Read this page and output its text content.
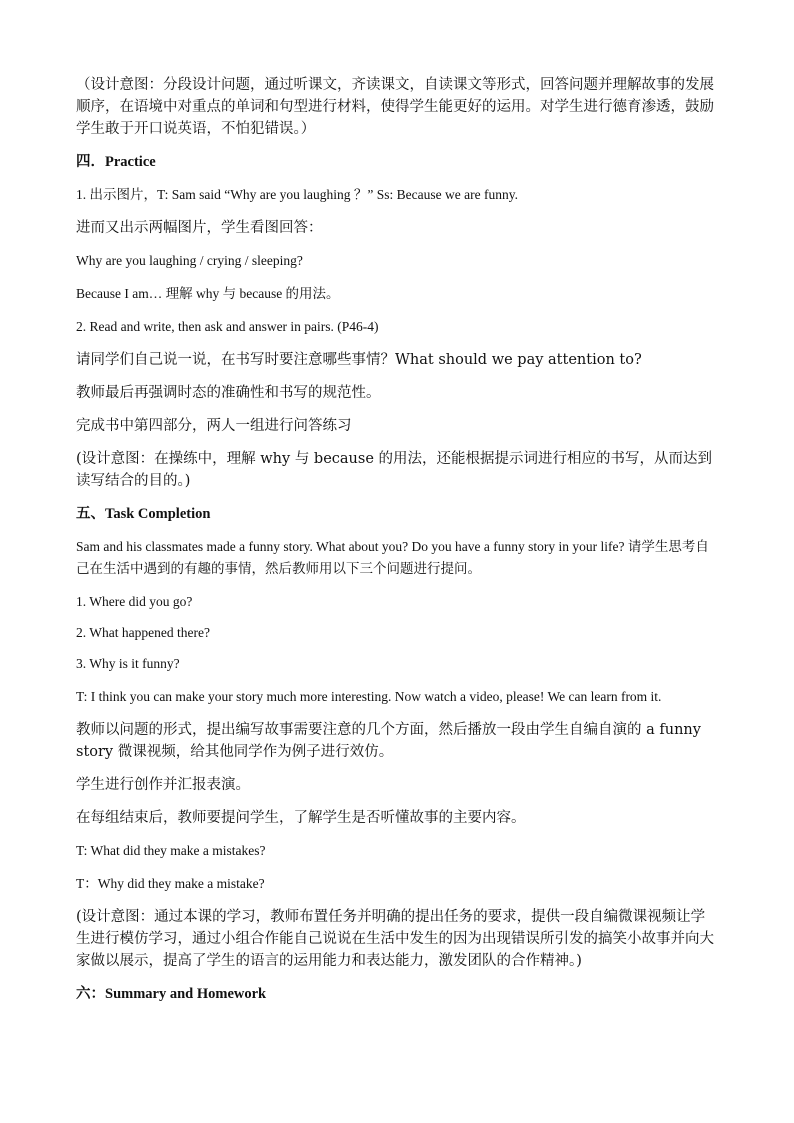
（设计意图：分段设计问题，通过听课文，齐读课文，自读课文等形式，回答问题并理解故事的发展顺序，在语境中对重点的单词和句型进行材料，使得学生能更好的运用。对学生进行德育渗透，鼓励学生敢于开口说英语，不怕犯错误。）

四．Practice

1. 出示图片，T: Sam said “Why are you laughing ？” Ss: Because we are funny.

进而又出示两幅图片，学生看图回答：

Why are you laughing / crying / sleeping?

Because I am… 理解 why 与 because 的用法。

2. Read and write, then ask and answer in pairs. (P46-4)

请同学们自己说一说，在书写时要注意哪些事情？What should we pay attention to?

教师最后再强调时态的准确性和书写的规范性。

完成书中第四部分，两人一组进行问答练习

(设计意图：在操练中，理解 why 与 because 的用法，还能根据提示词进行相应的书写，从而达到读写结合的目的。)

五、Task Completion

Sam and his classmates made a funny story. What about you? Do you have a funny story in your life? 请学生思考自己在生活中遇到的有趣的事情，然后教师用以下三个问题进行提问。

1. Where did you go?

2. What happened there?

3. Why is it funny?

T: I think you can make your story much more interesting. Now watch a video, please! We can learn from it.

教师以问题的形式，提出编写故事需要注意的几个方面，然后播放一段由学生自编自演的 a funny story 微课视频，给其他同学作为例子进行效仿。

学生进行创作并汇报表演。

在每组结束后，教师要提问学生，了解学生是否听懂故事的主要内容。

T: What did they make a mistakes?

T：Why did they make a mistake?

(设计意图：通过本课的学习，教师布置任务并明确的提出任务的要求，提供一段自编微课视频让学生进行模仿学习，通过小组合作能自己说说在生活中发生的因为出现错误所引发的搞笑小故事并向大家做以展示，提高了学生的语言的运用能力和表达能力，激发团队的合作精神。)

六：Summary and Homework
